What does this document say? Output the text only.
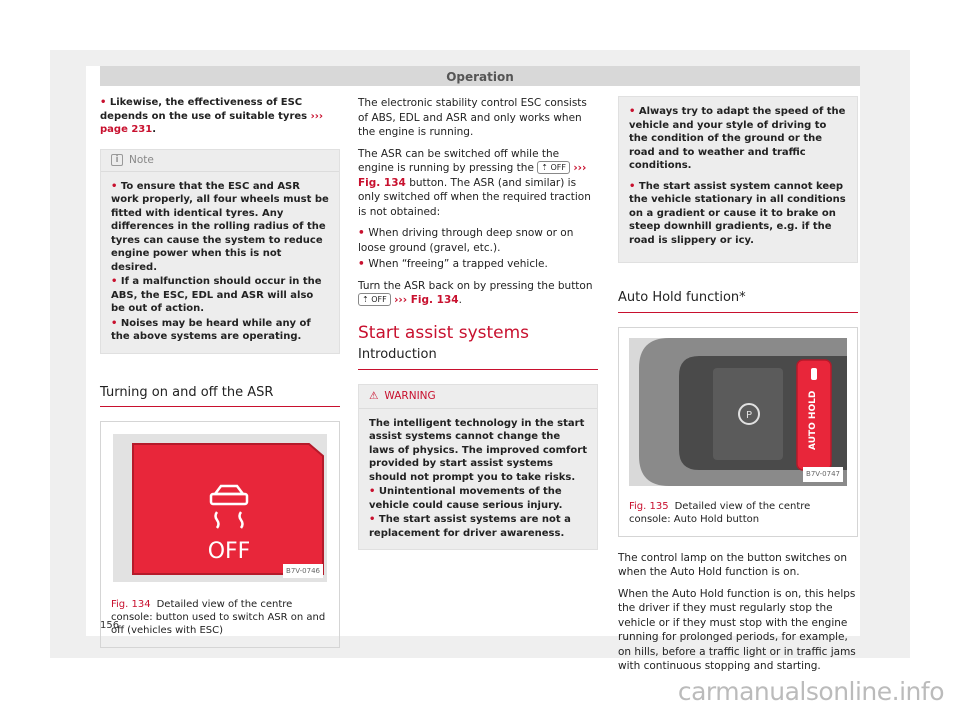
Operation
• Likewise, the effectiveness of ESC depends on the use of suitable tyres ››› page 231.
i Note

• To ensure that the ESC and ASR work properly, all four wheels must be fitted with identical tyres. Any differences in the rolling radius of the tyres can cause the system to reduce engine power when this is not desired.

• If a malfunction should occur in the ABS, the ESC, EDL and ASR will also be out of action.

• Noises may be heard while any of the above systems are operating.

Turning on and off the ASR
OFF
B7V-0746
Fig. 134 Detailed view of the centre console: button used to switch ASR on and off (vehicles with ESC)

The electronic stability control ESC consists of ABS, EDL and ASR and only works when the engine is running.

The ASR can be switched off while the engine is running by pressing the ⇡ OFF ››› Fig. 134 button. The ASR (and similar) is only switched off when the required traction is not obtained:

• When driving through deep snow or on loose ground (gravel, etc.).

• When “freeing” a trapped vehicle.

Turn the ASR back on by pressing the button ⇡ OFF ››› Fig. 134.

Start assist systems
Introduction
⚠ WARNING

The intelligent technology in the start assist systems cannot change the laws of physics. The improved comfort provided by start assist systems should not prompt you to take risks.

• Unintentional movements of the vehicle could cause serious injury.

• The start assist systems are not a replacement for driver awareness.

• Always try to adapt the speed of the vehicle and your style of driving to the condition of the ground or the road and to weather and traffic conditions.

• The start assist system cannot keep the vehicle stationary in all conditions on a gradient or cause it to brake on steep downhill gradients, e.g. if the road is slippery or icy.

Auto Hold function*
P	AUTO HOLD
B7V-0747
Fig. 135 Detailed view of the centre console: Auto Hold button

The control lamp on the button switches on when the Auto Hold function is on.

When the Auto Hold function is on, this helps the driver if they must regularly stop the vehicle or if they must stop with the engine running for prolonged periods, for example, on hills, before a traffic light or in traffic jams with continuous stopping and starting.

156
carmanualsonline.info
